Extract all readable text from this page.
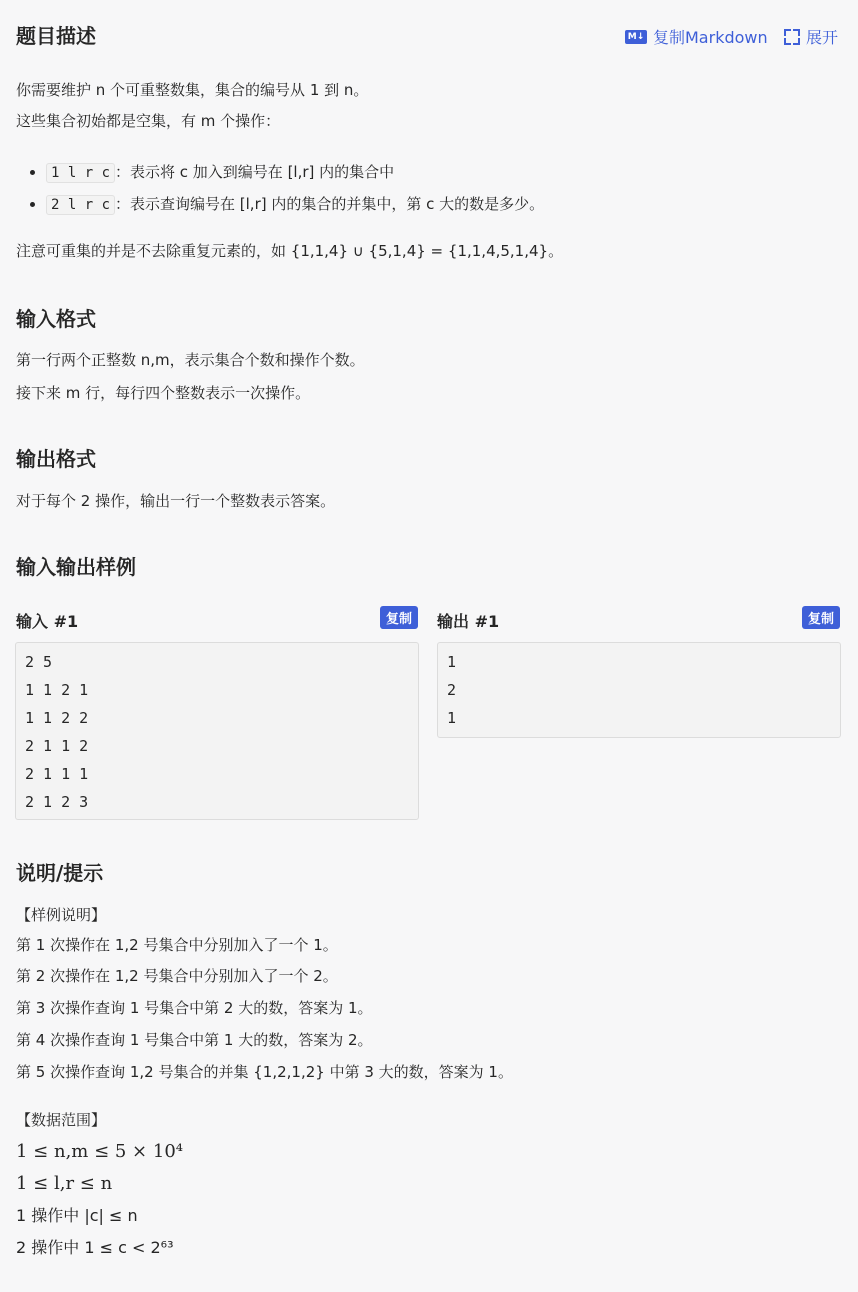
题目描述	M↓ 复制Markdown 展开
你需要维护 n 个可重整数集，集合的编号从 1 到 n。
这些集合初始都是空集，有 m 个操作：
1 l r c ：表示将 c 加入到编号在 [l,r] 内的集合中
2 l r c ：表示查询编号在 [l,r] 内的集合的并集中，第 c 大的数是多少。
注意可重集的并是不去除重复元素的，如 {1,1,4} ∪ {5,1,4} = {1,1,4,5,1,4}。
输入格式
第一行两个正整数 n,m，表示集合个数和操作个数。
接下来 m 行，每行四个整数表示一次操作。
输出格式
对于每个 2 操作，输出一行一个整数表示答案。
输入输出样例
输入 #1	复制
2 5
1 1 2 1
1 1 2 2
2 1 1 2
2 1 1 1
2 1 2 3
输出 #1	复制
1
2
1
说明/提示
【样例说明】
第 1 次操作在 1,2 号集合中分别加入了一个 1。
第 2 次操作在 1,2 号集合中分别加入了一个 2。
第 3 次操作查询 1 号集合中第 2 大的数，答案为 1。
第 4 次操作查询 1 号集合中第 1 大的数，答案为 2。
第 5 次操作查询 1,2 号集合的并集 {1,2,1,2} 中第 3 大的数，答案为 1。
【数据范围】
1 ≤ n,m ≤ 5 × 10⁴
1 ≤ l,r ≤ n
1 操作中 |c| ≤ n
2 操作中 1 ≤ c < 2⁶³
